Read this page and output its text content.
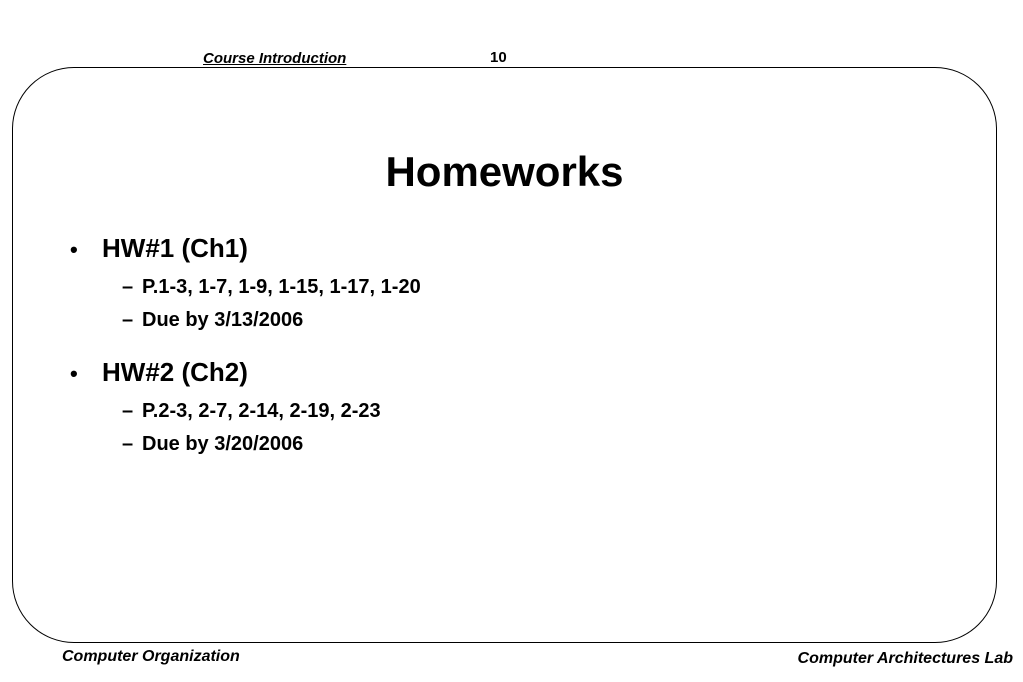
Course Introduction	10
Homeworks
• HW#1 (Ch1)
– P.1-3, 1-7, 1-9, 1-15, 1-17, 1-20
– Due by 3/13/2006
• HW#2 (Ch2)
– P.2-3, 2-7, 2-14, 2-19, 2-23
– Due by 3/20/2006
Computer Organization	Computer Architectures Lab
